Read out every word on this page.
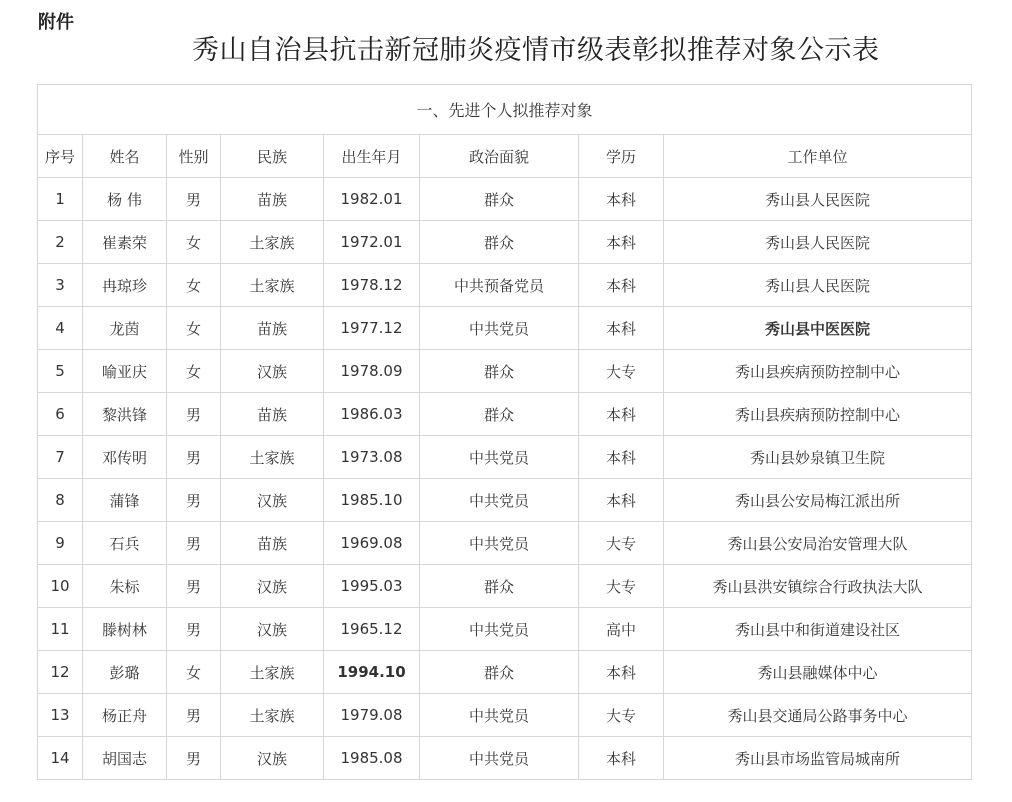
附件
秀山自治县抗击新冠肺炎疫情市级表彰拟推荐对象公示表
一、先进个人拟推荐对象							
序号	姓名	性别	民族	出生年月	政治面貌	学历	工作单位
1	杨 伟	男	苗族	1982.01	群众	本科	秀山县人民医院
2	崔素荣	女	土家族	1972.01	群众	本科	秀山县人民医院
3	冉琼珍	女	土家族	1978.12	中共预备党员	本科	秀山县人民医院
4	龙茵	女	苗族	1977.12	中共党员	本科	秀山县中医医院
5	喻亚庆	女	汉族	1978.09	群众	大专	秀山县疾病预防控制中心
6	黎洪锋	男	苗族	1986.03	群众	本科	秀山县疾病预防控制中心
7	邓传明	男	土家族	1973.08	中共党员	本科	秀山县妙泉镇卫生院
8	蒲锋	男	汉族	1985.10	中共党员	本科	秀山县公安局梅江派出所
9	石兵	男	苗族	1969.08	中共党员	大专	秀山县公安局治安管理大队
10	朱标	男	汉族	1995.03	群众	大专	秀山县洪安镇综合行政执法大队
11	滕树林	男	汉族	1965.12	中共党员	高中	秀山县中和街道建设社区
12	彭璐	女	土家族	1994.10	群众	本科	秀山县融媒体中心
13	杨正舟	男	土家族	1979.08	中共党员	大专	秀山县交通局公路事务中心
14	胡国志	男	汉族	1985.08	中共党员	本科	秀山县市场监管局城南所
